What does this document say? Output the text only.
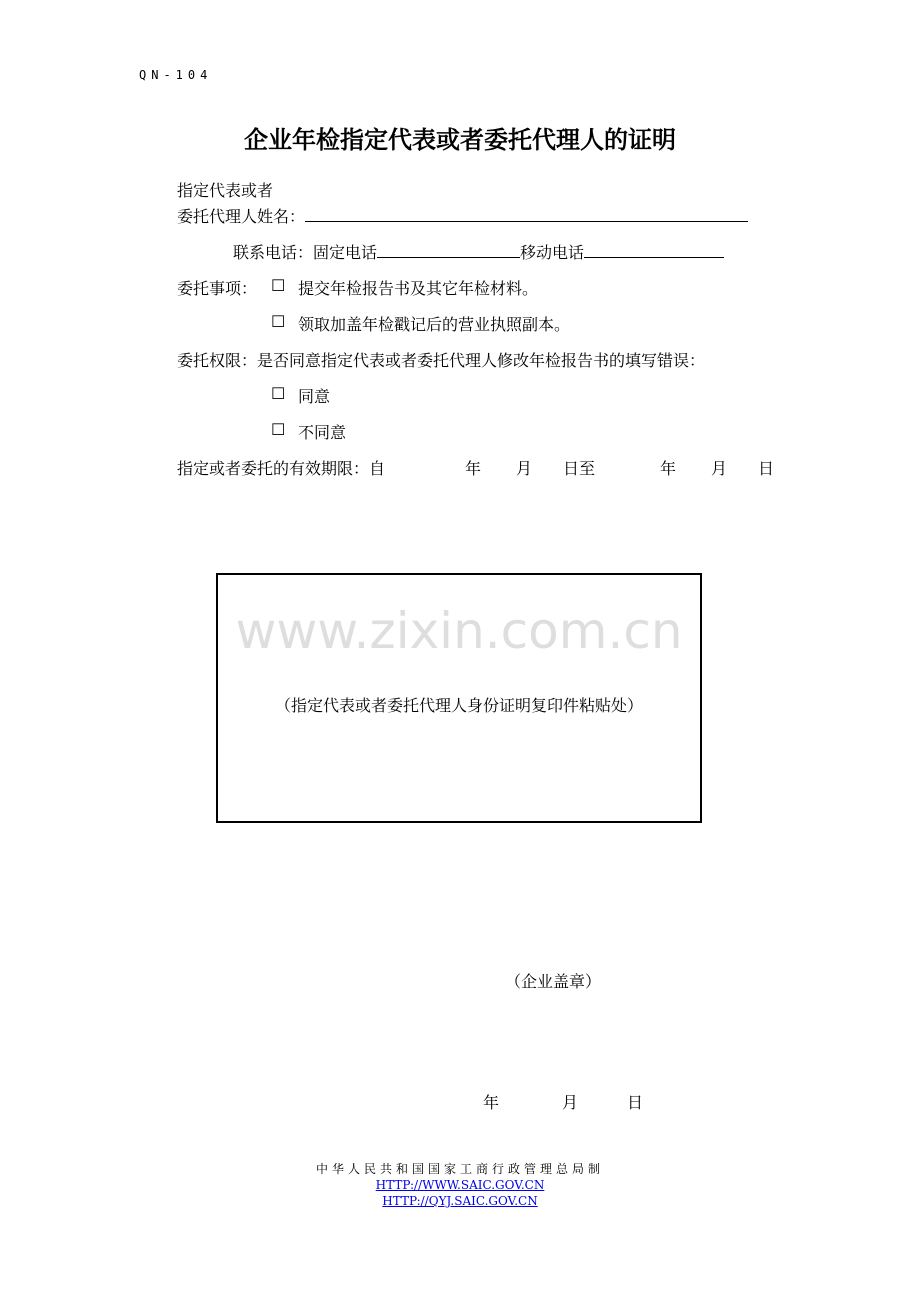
QN-104
企业年检指定代表或者委托代理人的证明
指定代表或者
委托代理人姓名：
联系电话：固定电话	移动电话
委托事项： ☐ 提交年检报告书及其它年检材料。
☐ 领取加盖年检戳记后的营业执照副本。
委托权限：是否同意指定代表或者委托代理人修改年检报告书的填写错误：
☐ 同意
☐ 不同意
指定或者委托的有效期限：自	年 月 日至	年 月 日
www.zixin.com.cn
（指定代表或者委托代理人身份证明复印件粘贴处）
（企业盖章）
年	月	日
中华人民共和国国家工商行政管理总局制
HTTP://WWW.SAIC.GOV.CN
HTTP://QYJ.SAIC.GOV.CN
